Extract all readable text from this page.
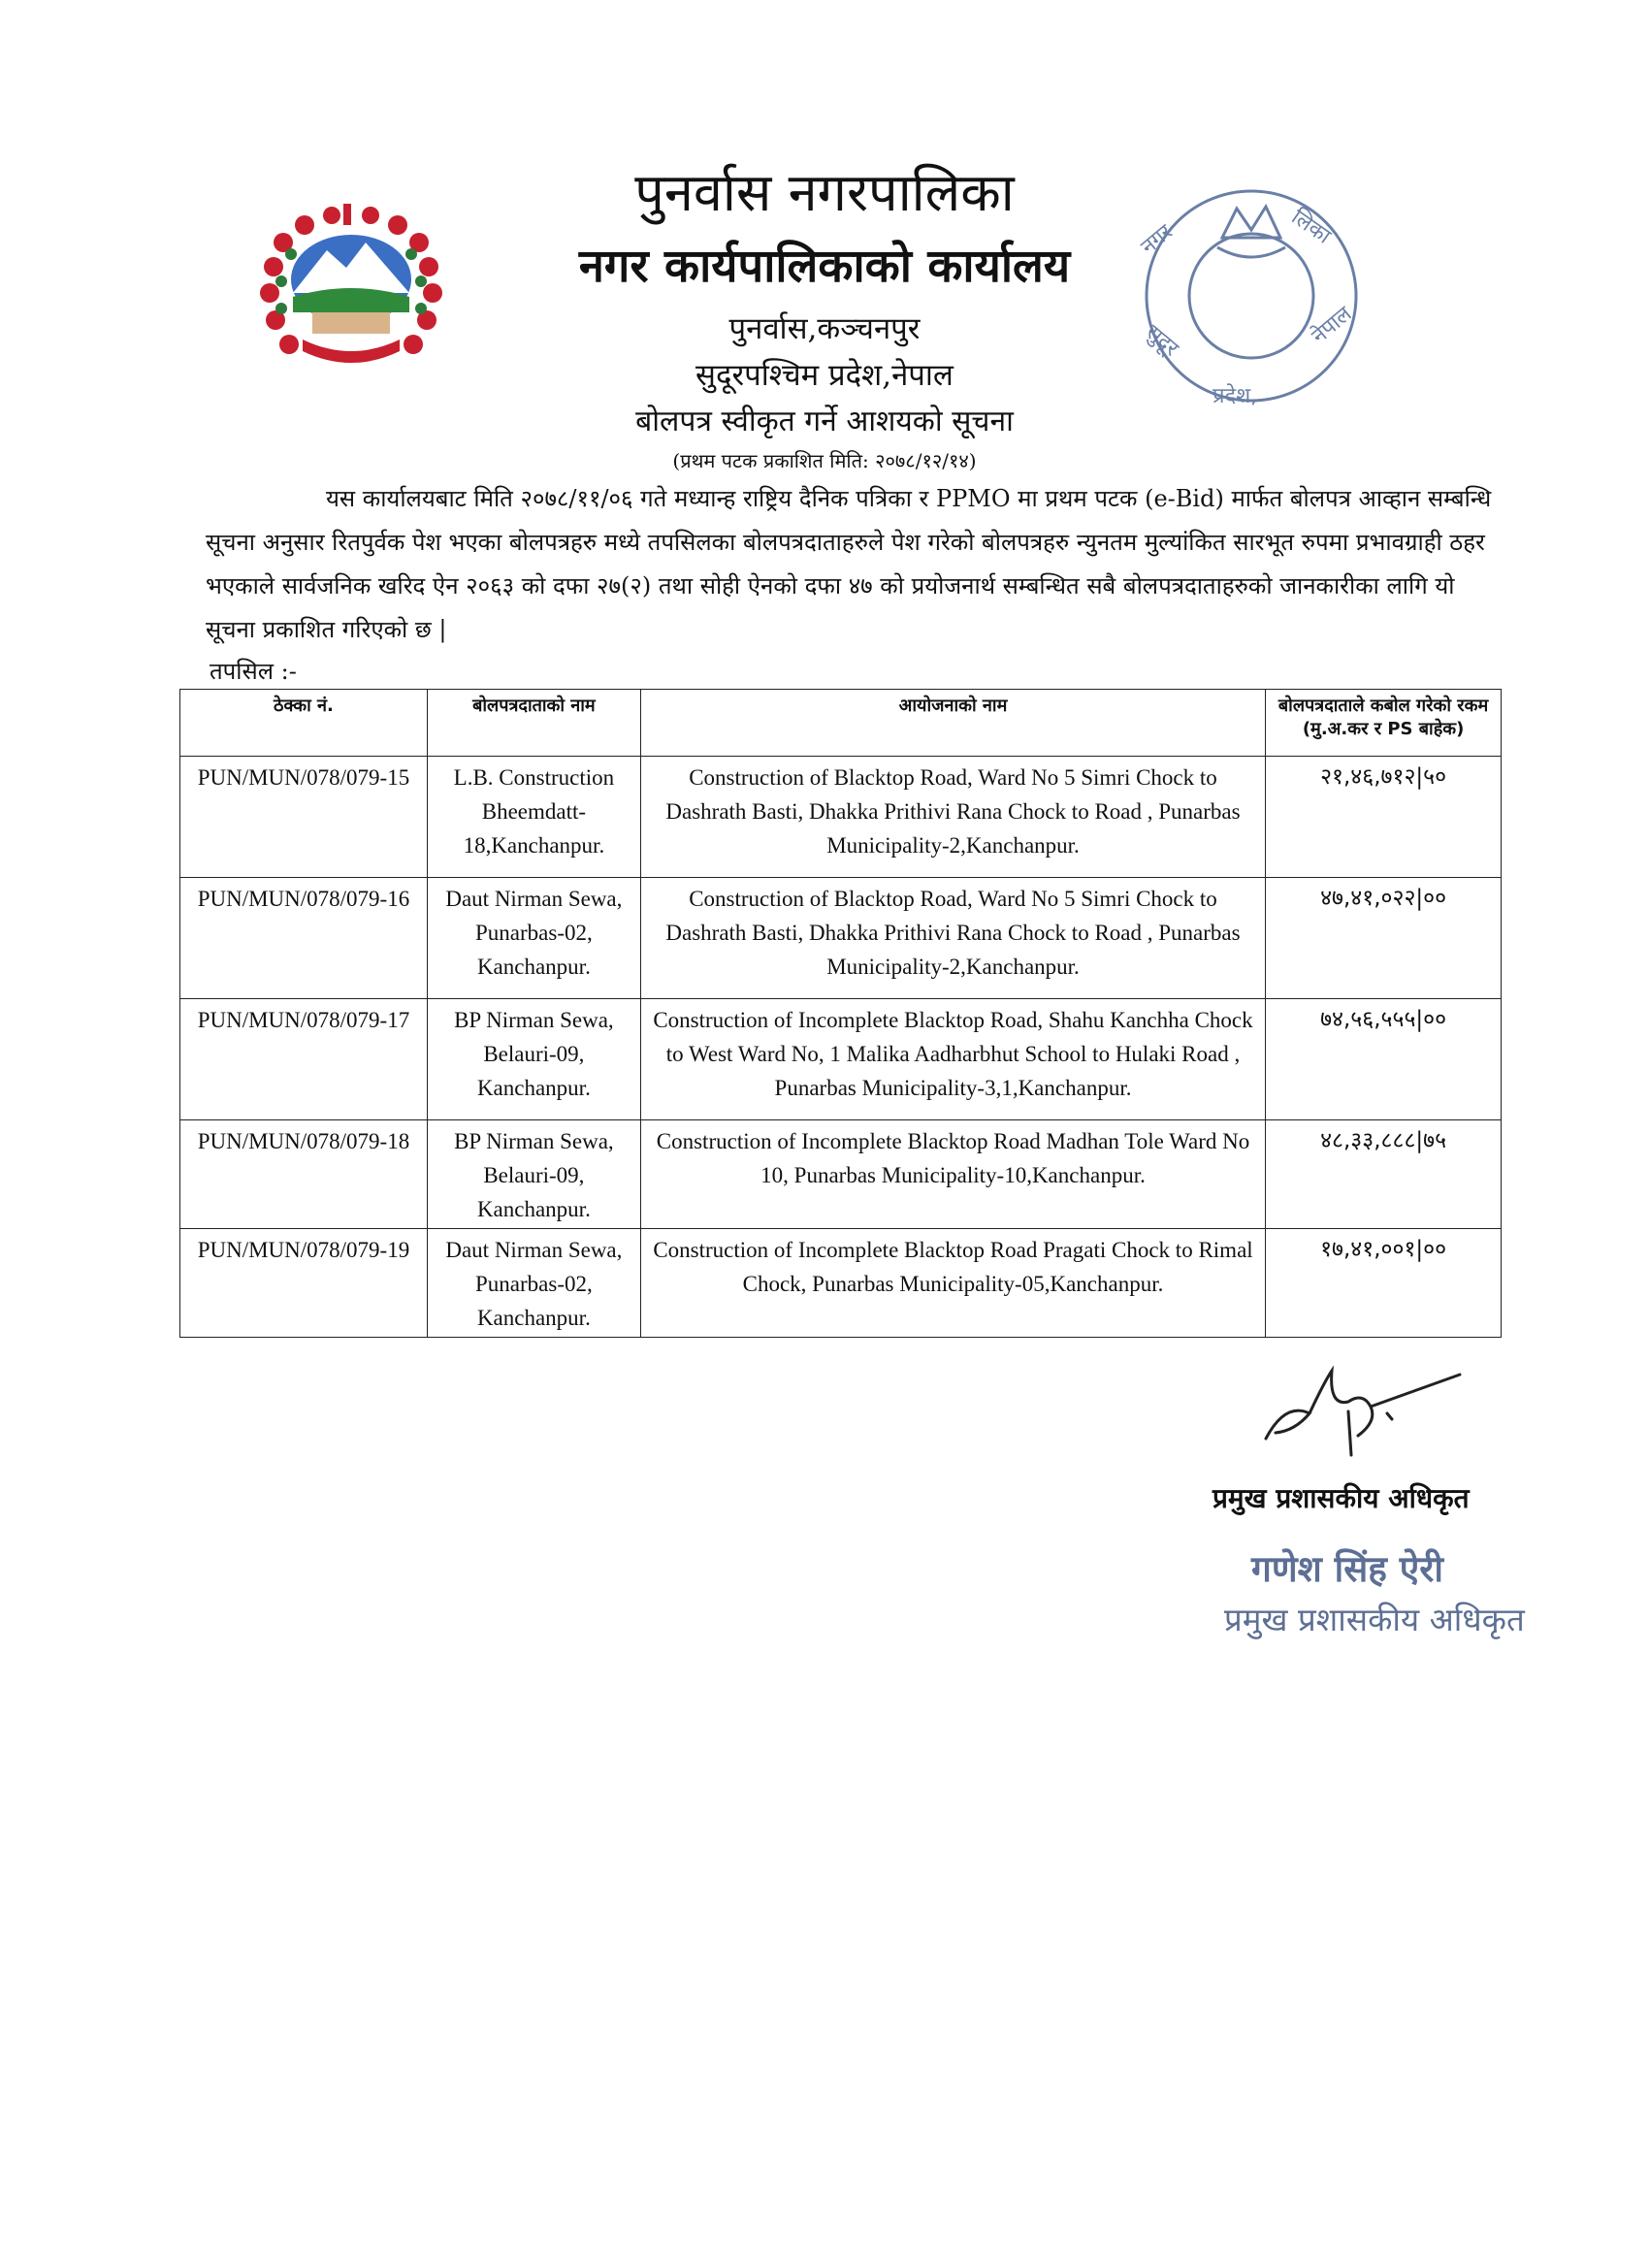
नगर	लिका
सुदूर	नेपाल
प्रदेश,
पुनर्वास नगरपालिका
नगर कार्यपालिकाको कार्यालय
पुनर्वास,कञ्चनपुर
सुदूरपश्चिम प्रदेश,नेपाल
बोलपत्र स्वीकृत गर्ने आशयको सूचना
(प्रथम पटक प्रकाशित मिति: २०७८/१२/१४)
यस कार्यालयबाट मिति २०७८/११/०६ गते मध्यान्ह राष्ट्रिय दैनिक पत्रिका र PPMO मा प्रथम पटक (e-Bid) मार्फत बोलपत्र आव्हान सम्बन्धि सूचना अनुसार रितपुर्वक पेश भएका बोलपत्रहरु मध्ये तपसिलका बोलपत्रदाताहरुले पेश गरेको बोलपत्रहरु न्युनतम मुल्यांकित सारभूत रुपमा प्रभावग्राही ठहर भएकाले सार्वजनिक खरिद ऐन २०६३ को दफा २७(२) तथा सोही ऐनको दफा ४७ को प्रयोजनार्थ सम्बन्धित सबै बोलपत्रदाताहरुको जानकारीका लागि यो सूचना प्रकाशित गरिएको छ |
तपसिल :-
ठेक्का नं.	बोलपत्रदाताको नाम	आयोजनाको नाम	बोलपत्रदाताले कबोल गरेको रकम (मु.अ.कर र PS बाहेक)
PUN/MUN/078/079-15	L.B. Construction Bheemdatt-18,Kanchanpur.	Construction of Blacktop Road, Ward No 5 Simri Chock to Dashrath Basti, Dhakka Prithivi Rana Chock to Road , Punarbas Municipality-2,Kanchanpur.	२१,४६,७१२|५०
PUN/MUN/078/079-16	Daut Nirman Sewa, Punarbas-02, Kanchanpur.	Construction of Blacktop Road, Ward No 5 Simri Chock to Dashrath Basti, Dhakka Prithivi Rana Chock to Road , Punarbas Municipality-2,Kanchanpur.	४७,४१,०२२|००
PUN/MUN/078/079-17	BP Nirman Sewa, Belauri-09, Kanchanpur.	Construction of Incomplete Blacktop Road, Shahu Kanchha Chock to West Ward No, 1 Malika Aadharbhut School to Hulaki Road , Punarbas Municipality-3,1,Kanchanpur.	७४,५६,५५५|००
PUN/MUN/078/079-18	BP Nirman Sewa, Belauri-09, Kanchanpur.	Construction of Incomplete Blacktop Road Madhan Tole Ward No 10, Punarbas Municipality-10,Kanchanpur.	४८,३३,८८८|७५
PUN/MUN/078/079-19	Daut Nirman Sewa, Punarbas-02, Kanchanpur.	Construction of Incomplete Blacktop Road Pragati Chock to Rimal Chock, Punarbas Municipality-05,Kanchanpur.	१७,४१,००१|००
प्रमुख प्रशासकीय अधिकृत
गणेश सिंह ऐरी
प्रमुख प्रशासकीय अधिकृत
